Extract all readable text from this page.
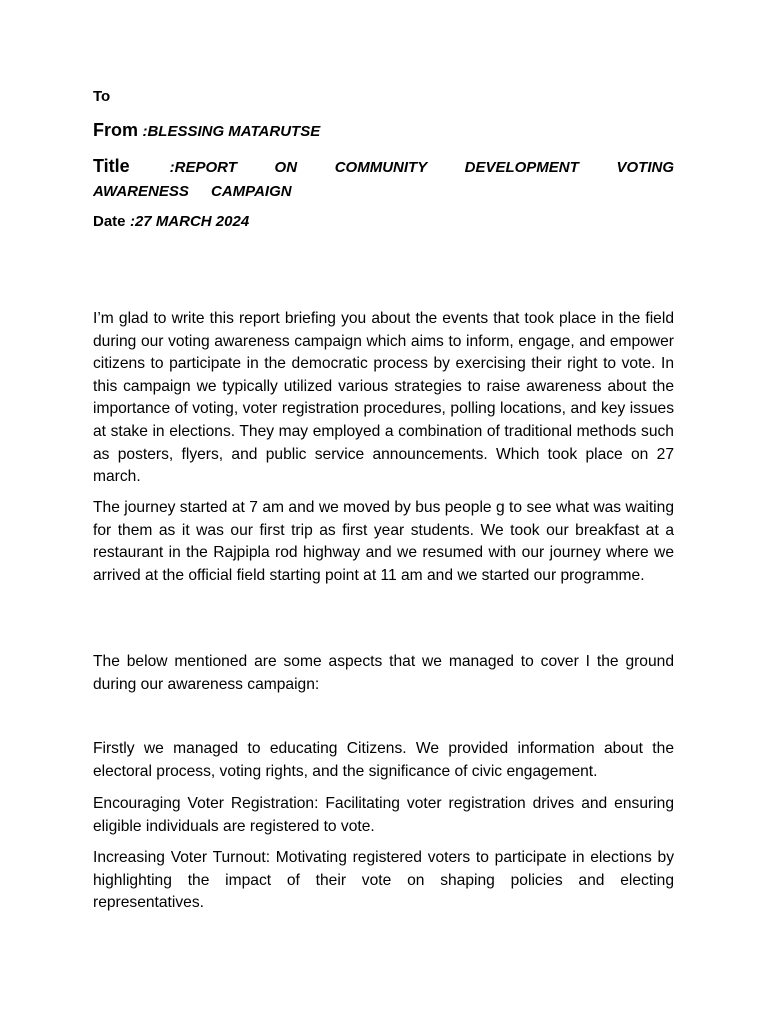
To
From :BLESSING MATARUTSE
Title	:REPORT ON COMMUNITY DEVELOPMENT VOTING AWARENESS CAMPAIGN
Date :27 MARCH 2024

I’m glad to write this report briefing you about the events that took place in the field during our voting awareness campaign which aims to inform, engage, and empower citizens to participate in the democratic process by exercising their right to vote. In this campaign we typically utilized various strategies to raise awareness about the importance of voting, voter registration procedures, polling locations, and key issues at stake in elections. They may employed a combination of traditional methods such as posters, flyers, and public service announcements. Which took place on 27 march.

The journey started at 7 am and we moved by bus people g to see what was waiting for them as it was our first trip as first year students. We took our breakfast at a restaurant in the Rajpipla rod highway and we resumed with our journey where we arrived at the official field starting point at 11 am and we started our programme.

The below mentioned are some aspects that we managed to cover I the ground during our awareness campaign:

Firstly we managed to educating Citizens. We provided information about the electoral process, voting rights, and the significance of civic engagement.

Encouraging Voter Registration: Facilitating voter registration drives and ensuring eligible individuals are registered to vote.

Increasing Voter Turnout: Motivating registered voters to participate in elections by highlighting the impact of their vote on shaping policies and electing representatives.
